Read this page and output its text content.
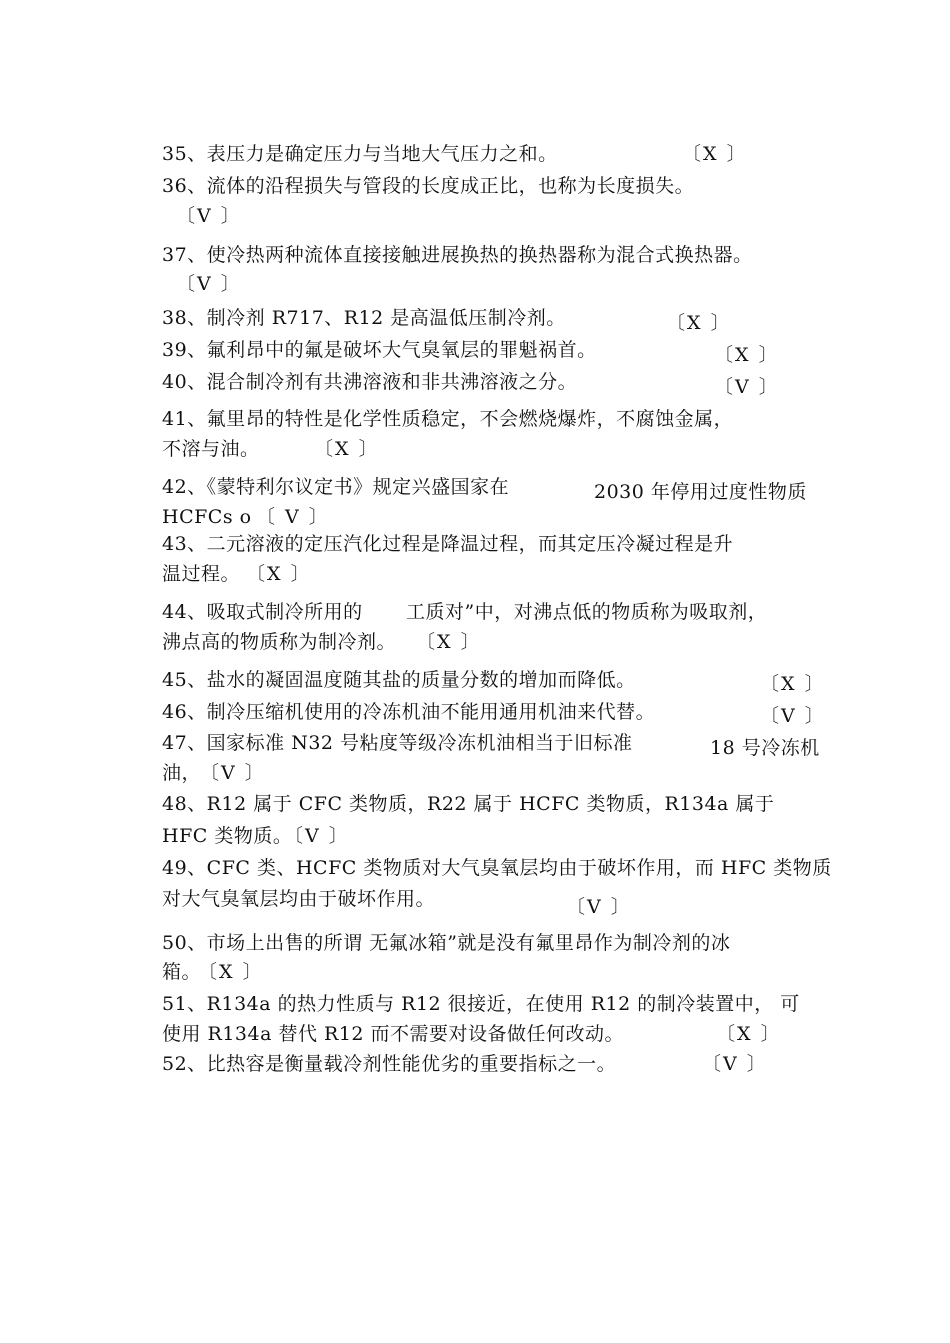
35、表压力是确定压力与当地大气压力之和。	〔X 〕
36、流体的沿程损失与管段的长度成正比，也称为长度损失。
〔V 〕
37、使冷热两种流体直接接触进展换热的换热器称为混合式换热器。
〔V 〕
38、制冷剂 R717、R12 是高温低压制冷剂。	〔X 〕
39、氟利昂中的氟是破坏大气臭氧层的罪魁祸首。	〔X 〕
40、混合制冷剂有共沸溶液和非共沸溶液之分。	〔V 〕
41、氟里昂的特性是化学性质稳定，不会燃烧爆炸，不腐蚀金属，
不溶与油。	〔X 〕
42、《蒙特利尔议定书》规定兴盛国家在	2030 年停用过度性物质
HCFCs o 〔 V 〕
43、二元溶液的定压汽化过程是降温过程，而其定压冷凝过程是升
温过程。 〔X 〕
44、吸取式制冷所用的 工质对”中，对沸点低的物质称为吸取剂，
沸点高的物质称为制冷剂。 〔X 〕
45、盐水的凝固温度随其盐的质量分数的增加而降低。	〔X 〕
46、制冷压缩机使用的冷冻机油不能用通用机油来代替。	〔V 〕
47、国家标准 N32 号粘度等级冷冻机油相当于旧标准	18 号冷冻机
油，
〔V 〕
48、R12 属于 CFC 类物质，R22 属于 HCFC 类物质，R134a 属于
HFC 类物质。
〔V 〕
49、CFC 类、HCFC 类物质对大气臭氧层均由于破坏作用，而 HFC 类物质
对大气臭氧层均由于破坏作用。	〔V 〕
50、市场上出售的所谓 无氟冰箱”就是没有氟里昂作为制冷剂的冰
箱。
〔X 〕
51、R134a 的热力性质与 R12 很接近，在使用 R12 的制冷装置中， 可
使用 R134a 替代 R12 而不需要对设备做任何改动。	〔X 〕
52、比热容是衡量载冷剂性能优劣的重要指标之一。	〔V 〕
